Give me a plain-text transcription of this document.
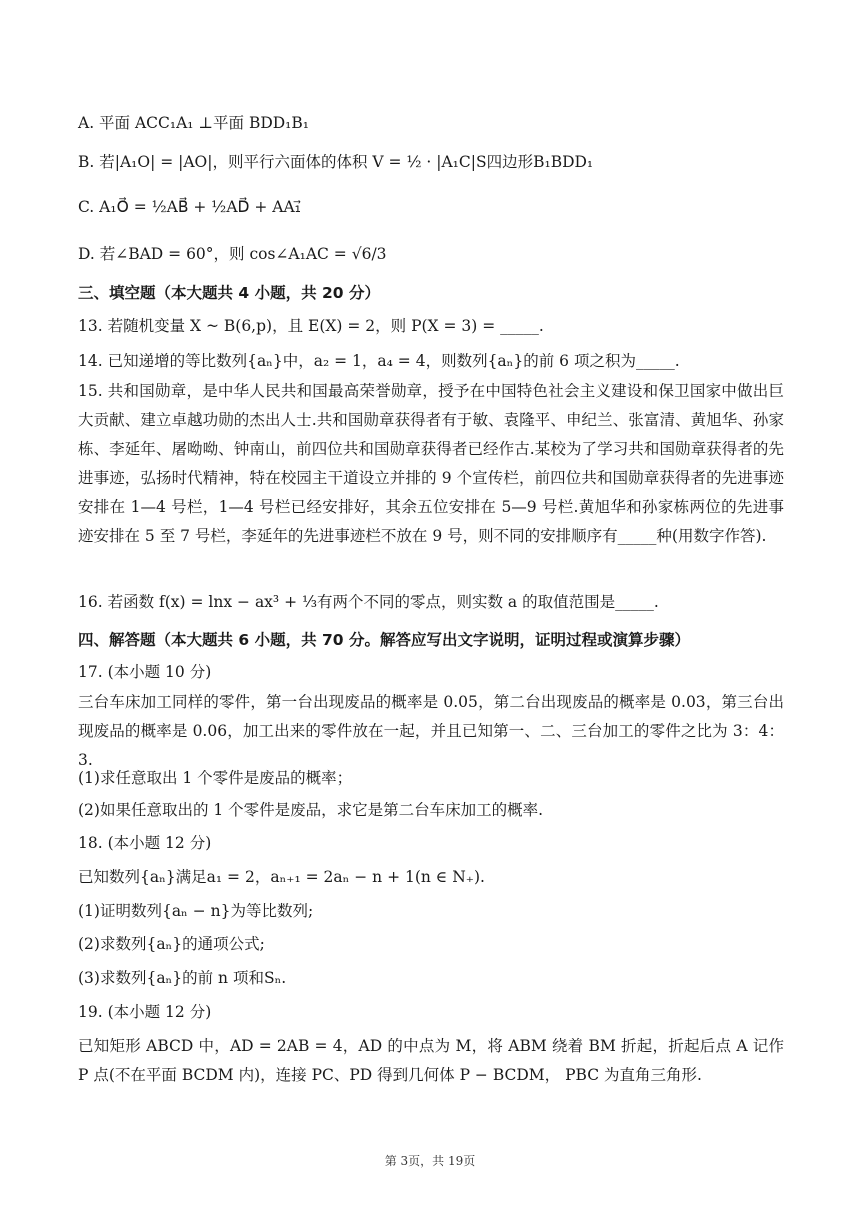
A. 平面 ACC₁A₁ ⊥平面 BDD₁B₁
B. 若|A₁O| = |AO|，则平行六面体的体积 V = ½ · |A₁C|S四边形B₁BDD₁
C. A₁O⃗ = ½AB⃗ + ½AD⃗ + AA₁⃗
D. 若∠BAD = 60°，则 cos∠A₁AC = √6/3
三、填空题（本大题共 4 小题，共 20 分）
13. 若随机变量 X ~ B(6,p)，且 E(X) = 2，则 P(X = 3) = _____.
14. 已知递增的等比数列{aₙ}中，a₂ = 1，a₄ = 4，则数列{aₙ}的前 6 项之积为_____.
15. 共和国勋章，是中华人民共和国最高荣誉勋章，授予在中国特色社会主义建设和保卫国家中做出巨大贡献、建立卓越功勋的杰出人士.共和国勋章获得者有于敏、袁隆平、申纪兰、张富清、黄旭华、孙家栋、李延年、屠呦呦、钟南山，前四位共和国勋章获得者已经作古.某校为了学习共和国勋章获得者的先进事迹，弘扬时代精神，特在校园主干道设立并排的 9 个宣传栏，前四位共和国勋章获得者的先进事迹安排在 1—4 号栏，1—4 号栏已经安排好，其余五位安排在 5—9 号栏.黄旭华和孙家栋两位的先进事迹安排在 5 至 7 号栏，李延年的先进事迹栏不放在 9 号，则不同的安排顺序有_____种(用数字作答).
16. 若函数 f(x) = lnx − ax³ + ⅓有两个不同的零点，则实数 a 的取值范围是_____.
四、解答题（本大题共 6 小题，共 70 分。解答应写出文字说明，证明过程或演算步骤）
17. (本小题 10 分)
三台车床加工同样的零件，第一台出现废品的概率是 0.05，第二台出现废品的概率是 0.03，第三台出现废品的概率是 0.06，加工出来的零件放在一起，并且已知第一、二、三台加工的零件之比为 3：4：3.
(1)求任意取出 1 个零件是废品的概率；
(2)如果任意取出的 1 个零件是废品，求它是第二台车床加工的概率.
18. (本小题 12 分)
已知数列{aₙ}满足a₁ = 2，aₙ₊₁ = 2aₙ − n + 1(n ∈ N₊).
(1)证明数列{aₙ − n}为等比数列;
(2)求数列{aₙ}的通项公式;
(3)求数列{aₙ}的前 n 项和Sₙ.
19. (本小题 12 分)
已知矩形 ABCD 中，AD = 2AB = 4，AD 的中点为 M，将 ABM 绕着 BM 折起，折起后点 A 记作 P 点(不在平面 BCDM 内)，连接 PC、PD 得到几何体 P − BCDM， PBC 为直角三角形.
第 3页，共 19页
